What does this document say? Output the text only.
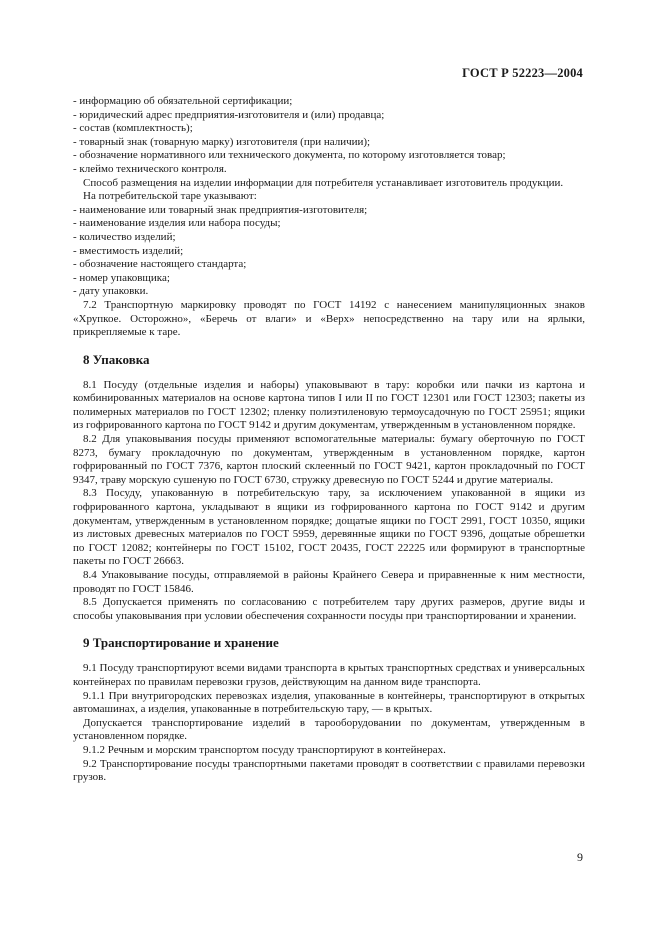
ГОСТ Р 52223—2004

- информацию об обязательной сертификации;

- юридический адрес предприятия-изготовителя и (или) продавца;

- состав (комплектность);

- товарный знак (товарную марку) изготовителя (при наличии);

- обозначение нормативного или технического документа, по которому изготовляется товар;

- клеймо технического контроля.

Способ размещения на изделии информации для потребителя устанавливает изготовитель продукции.

На потребительской таре указывают:

- наименование или товарный знак предприятия-изготовителя;

- наименование изделия или набора посуды;

- количество изделий;

- вместимость изделий;

- обозначение настоящего стандарта;

- номер упаковщика;

- дату упаковки.

7.2 Транспортную маркировку проводят по ГОСТ 14192 с нанесением манипуляционных знаков «Хрупкое. Осторожно», «Беречь от влаги» и «Верх» непосредственно на тару или на ярлыки, прикрепляемые к таре.

8 Упаковка

8.1 Посуду (отдельные изделия и наборы) упаковывают в тару: коробки или пачки из картона и комбинированных материалов на основе картона типов I или II по ГОСТ 12301 или ГОСТ 12303; пакеты из полимерных материалов по ГОСТ 12302; пленку полиэтиленовую термоусадочную по ГОСТ 25951; ящики из гофрированного картона по ГОСТ 9142 и другим документам, утвержденным в установленном порядке.

8.2 Для упаковывания посуды применяют вспомогательные материалы: бумагу оберточную по ГОСТ 8273, бумагу прокладочную по документам, утвержденным в установленном порядке, картон гофрированный по ГОСТ 7376, картон плоский склеенный по ГОСТ 9421, картон прокладочный по ГОСТ 9347, траву морскую сушеную по ГОСТ 6730, стружку древесную по ГОСТ 5244 и другие материалы.

8.3 Посуду, упакованную в потребительскую тару, за исключением упакованной в ящики из гофрированного картона, укладывают в ящики из гофрированного картона по ГОСТ 9142 и другим документам, утвержденным в установленном порядке; дощатые ящики по ГОСТ 2991, ГОСТ 10350, ящики из листовых древесных материалов по ГОСТ 5959, деревянные ящики по ГОСТ 9396, дощатые обрешетки по ГОСТ 12082; контейнеры по ГОСТ 15102, ГОСТ 20435, ГОСТ 22225 или формируют в транспортные пакеты по ГОСТ 26663.

8.4 Упаковывание посуды, отправляемой в районы Крайнего Севера и приравненные к ним местности, проводят по ГОСТ 15846.

8.5 Допускается применять по согласованию с потребителем тару других размеров, другие виды и способы упаковывания при условии обеспечения сохранности посуды при транспортировании и хранении.

9 Транспортирование и хранение

9.1 Посуду транспортируют всеми видами транспорта в крытых транспортных средствах и универсальных контейнерах по правилам перевозки грузов, действующим на данном виде транспорта.

9.1.1 При внутригородских перевозках изделия, упакованные в контейнеры, транспортируют в открытых автомашинах, а изделия, упакованные в потребительскую тару, — в крытых.

Допускается транспортирование изделий в тарооборудовании по документам, утвержденным в установленном порядке.

9.1.2 Речным и морским транспортом посуду транспортируют в контейнерах.

9.2 Транспортирование посуды транспортными пакетами проводят в соответствии с правилами перевозки грузов.

9
